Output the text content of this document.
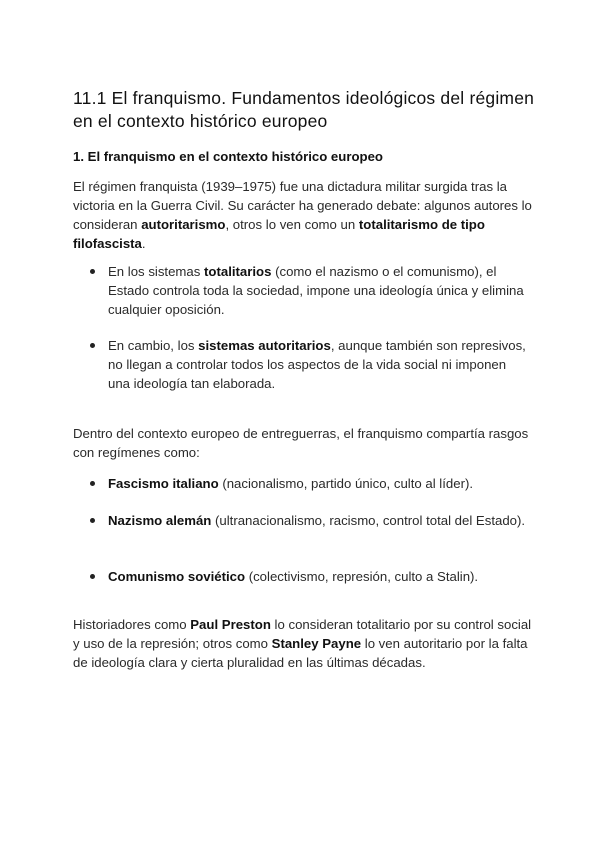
11.1 El franquismo. Fundamentos ideológicos del régimen en el contexto histórico europeo
1. El franquismo en el contexto histórico europeo

El régimen franquista (1939–1975) fue una dictadura militar surgida tras la victoria en la Guerra Civil. Su carácter ha generado debate: algunos autores lo consideran autoritarismo, otros lo ven como un totalitarismo de tipo filofascista.

En los sistemas totalitarios (como el nazismo o el comunismo), el Estado controla toda la sociedad, impone una ideología única y elimina cualquier oposición.
En cambio, los sistemas autoritarios, aunque también son represivos, no llegan a controlar todos los aspectos de la vida social ni imponen una ideología tan elaborada.

Dentro del contexto europeo de entreguerras, el franquismo compartía rasgos con regímenes como:

Fascismo italiano (nacionalismo, partido único, culto al líder).
Nazismo alemán (ultranacionalismo, racismo, control total del Estado).
Comunismo soviético (colectivismo, represión, culto a Stalin).

Historiadores como Paul Preston lo consideran totalitario por su control social y uso de la represión; otros como Stanley Payne lo ven autoritario por la falta de ideología clara y cierta pluralidad en las últimas décadas.
